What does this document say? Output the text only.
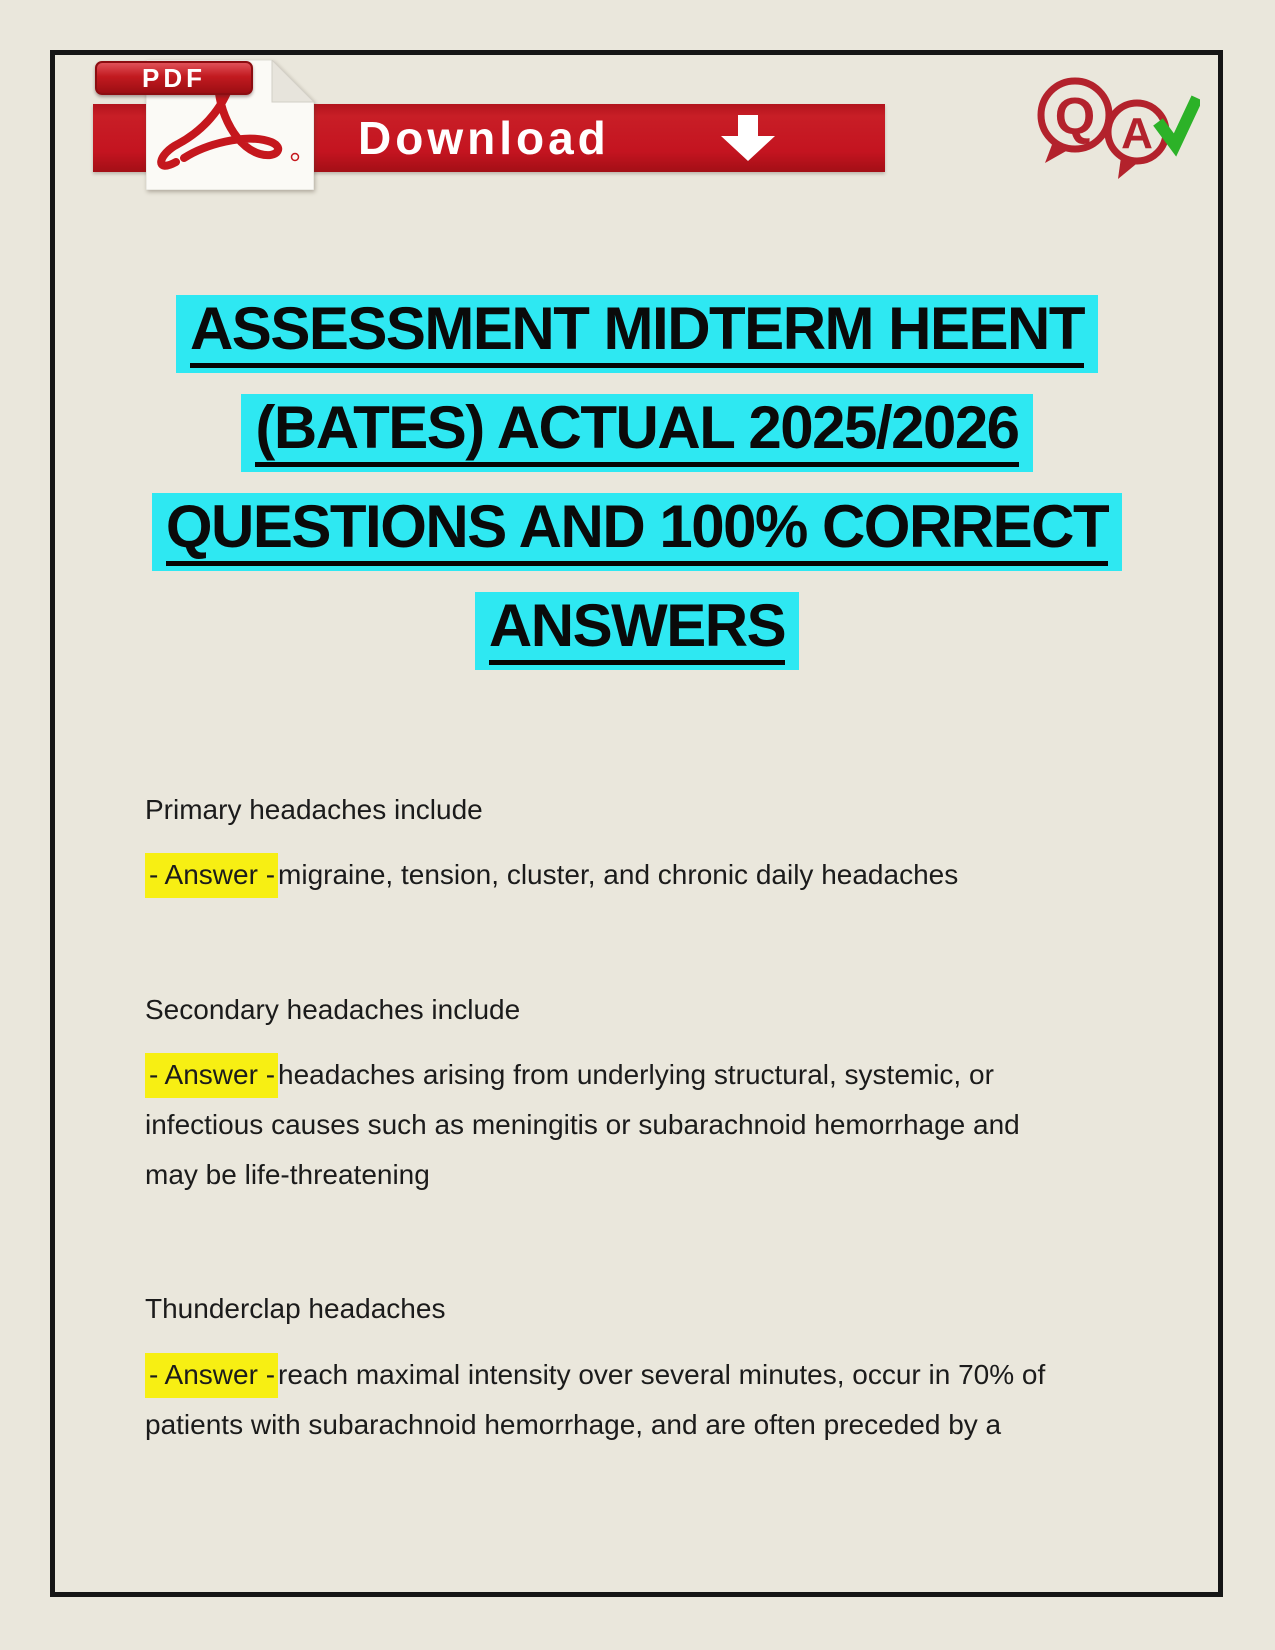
Download
PDF
A
Q
ASSESSMENT MIDTERM HEENT
(BATES) ACTUAL 2025/2026
QUESTIONS AND 100% CORRECT
ANSWERS
Primary headaches include
- Answer - migraine, tension, cluster, and chronic daily headaches
Secondary headaches include
- Answer - headaches arising from underlying structural, systemic, or
infectious causes such as meningitis or subarachnoid hemorrhage and
may be life-threatening
Thunderclap headaches
- Answer - reach maximal intensity over several minutes, occur in 70% of
patients with subarachnoid hemorrhage, and are often preceded by a
